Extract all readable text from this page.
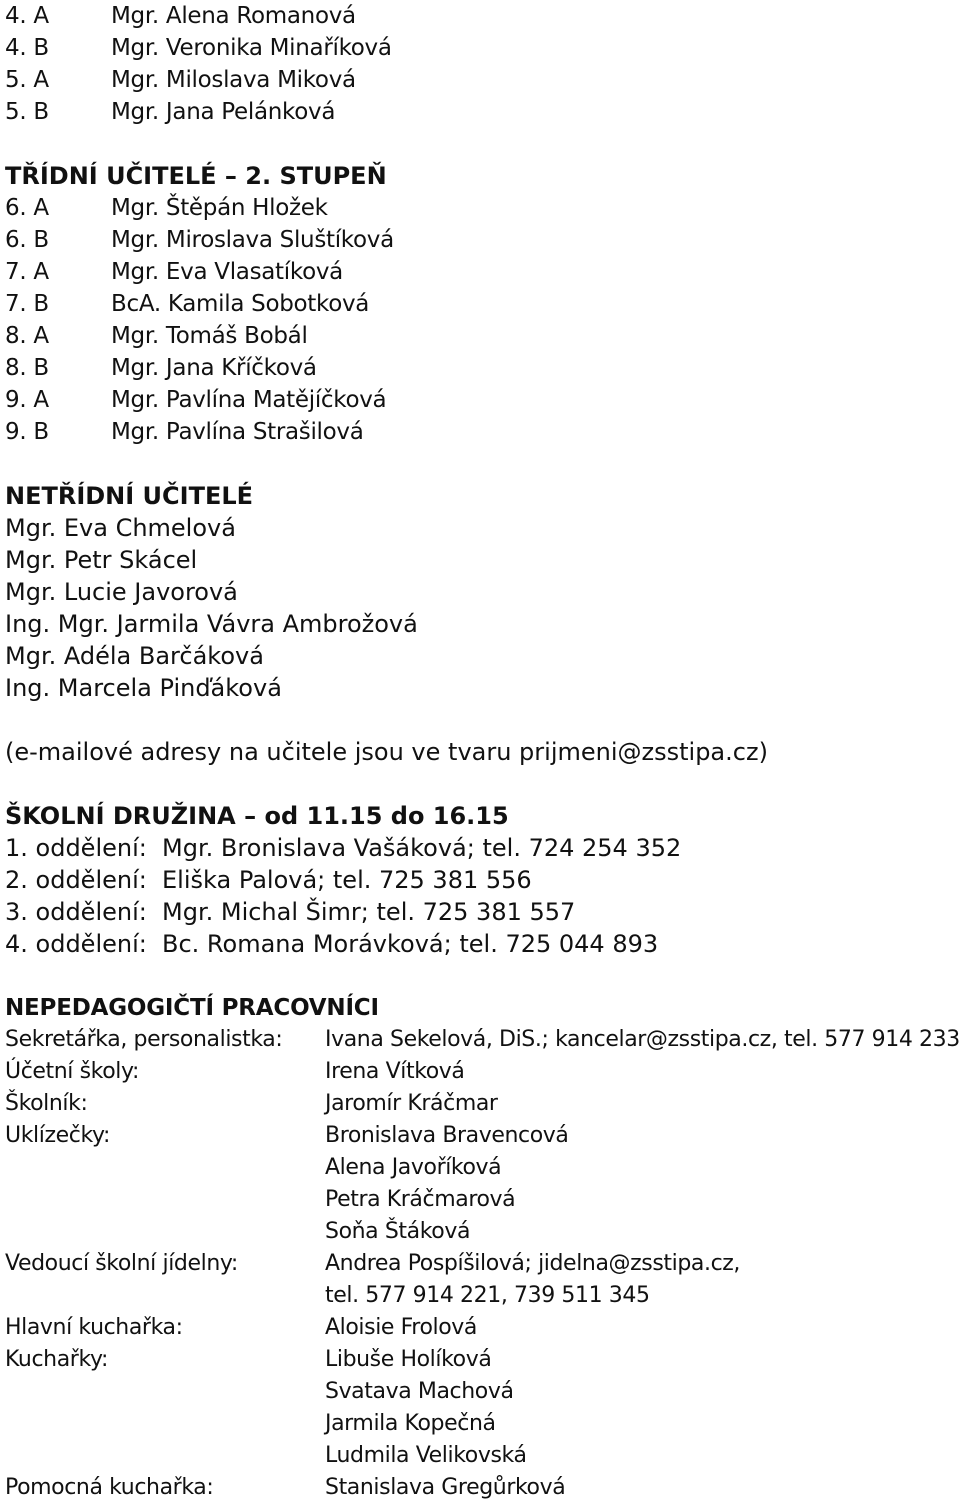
4. A	Mgr. Alena Romanová
4. B	Mgr. Veronika Minaříková
5. A	Mgr. Miloslava Miková
5. B	Mgr. Jana Pelánková
TŘÍDNÍ UČITELÉ – 2. STUPEŇ
6. A	Mgr. Štěpán Hložek
6. B	Mgr. Miroslava Sluštíková
7. A	Mgr. Eva Vlasatíková
7. B	BcA. Kamila Sobotková
8. A	Mgr. Tomáš Bobál
8. B	Mgr. Jana Kříčková
9. A	Mgr. Pavlína Matějíčková
9. B	Mgr. Pavlína Strašilová
NETŘÍDNÍ UČITELÉ
Mgr. Eva Chmelová
Mgr. Petr Skácel
Mgr. Lucie Javorová
Ing. Mgr. Jarmila Vávra Ambrožová
Mgr. Adéla Barčáková
Ing. Marcela Pinďáková
(e-mailové adresy na učitele jsou ve tvaru prijmeni@zsstipa.cz)
ŠKOLNÍ DRUŽINA – od 11.15 do 16.15
1. oddělení: Mgr. Bronislava Vašáková; tel. 724 254 352
2. oddělení: Eliška Palová; tel. 725 381 556
3. oddělení: Mgr. Michal Šimr; tel. 725 381 557
4. oddělení: Bc. Romana Morávková; tel. 725 044 893
NEPEDAGOGIČTÍ PRACOVNÍCI
Sekretářka, personalistka: Ivana Sekelová, DiS.; kancelar@zsstipa.cz, tel. 577 914 233
Účetní školy:	Irena Vítková
Školník:	Jaromír Kráčmar
Uklízečky:	Bronislava Bravencová
Alena Javoříková
Petra Kráčmarová
Soňa Štáková
Vedoucí školní jídelny:	Andrea Pospíšilová; jidelna@zsstipa.cz,
tel. 577 914 221, 739 511 345
Hlavní kuchařka:	Aloisie Frolová
Kuchařky:	Libuše Holíková
Svatava Machová
Jarmila Kopečná
Ludmila Velikovská
Pomocná kuchařka:	Stanislava Gregůrková
